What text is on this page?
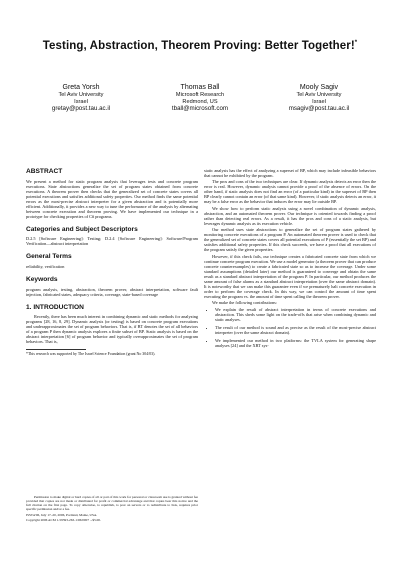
Testing, Abstraction, Theorem Proving: Better Together!*
Greta Yorsh
Tel Aviv University
Israel
gretay@post.tau.ac.il
Thomas Ball
Microsoft Research
Redmond, US
tball@microsoft.com
Mooly Sagiv
Tel Aviv University
Israel
msagiv@post.tau.ac.il
ABSTRACT

We present a method for static program analysis that leverages tests and concrete program executions. State abstractions generalize the set of program states obtained from concrete executions. A theorem prover then checks that the generalized set of concrete states covers all potential executions and satisfies additional safety properties. Our method finds the same potential errors as the most-precise abstract interpreter for a given abstraction and is potentially more efficient. Additionally, it provides a new way to tune the performance of the analysis by alternating between concrete execution and theorem proving. We have implemented our technique in a prototype for checking properties of C# programs.

Categories and Subject Descriptors

D.2.5 [Software Engineering]: Testing; D.2.4 [Software Engineering]: Software/Program Verification—abstract interpretation

General Terms

reliability, verification

Keywords

program analysis, testing, abstraction, theorem prover, abstract interpretation, software fault injection, fabricated states, adequacy criteria, coverage, state-based coverage

1. INTRODUCTION

Recently, there has been much interest in combining dynamic and static methods for analyzing programs [28, 16, 8, 29]. Dynamic analysis (or testing) is based on concrete program executions and underapproximates the set of program behaviors. That is, if BT denotes the set of all behaviors of a program P then dynamic analysis explores a finite subset of BP. Static analysis is based on the abstract interpretation [6] of program behavior and typically overapproximates the set of program behaviors. That is,

*This research was supported by The Israel Science Foundation (grant No 304/03).

Permission to make digital or hard copies of all or part of this work for personal or classroom use is granted without fee provided that copies are not made or distributed for profit or commercial advantage and that copies bear this notice and the full citation on the first page. To copy otherwise, to republish, to post on servers or to redistribute to lists, requires prior specific permission and/or a fee.

ISSTA'06, July 17–20, 2006, Portland, Maine, USA.

Copyright 2006 ACM 1-59593-263-1/06/0007 ...$5.00.

static analysis has the effect of analyzing a superset of BP, which may include infeasible behaviors that cannot be exhibited by the program.

The pros and cons of the two techniques are clear. If dynamic analysis detects an error then the error is real. However, dynamic analysis cannot provide a proof of the absence of errors. On the other hand, if static analysis does not find an error (of a particular kind) in the superset of BP then BP clearly cannot contain an error (of that same kind). However, if static analysis detects an error, it may be a false error as the behavior that induces the error may lie outside BP.

We show how to perform static analysis using a novel combination of dynamic analysis, abstraction, and an automated theorem prover. Our technique is oriented towards finding a proof rather than detecting real errors. As a result, it has the pros and cons of a static analysis, but leverages dynamic analysis as its execution vehicle.

Our method uses state abstractions to generalize the set of program states gathered by monitoring concrete executions of a program P. An automated theorem prover is used to check that the generalized set of concrete states covers all potential executions of P (essentially the set BP) and satisfies additional safety properties. If this check succeeds, we have a proof that all executions of the program satisfy the given properties.

However, if this check fails, our technique creates a fabricated concrete state from which we continue concrete program execution. We use a model generator (a theorem prover that can produce concrete counterexamples) to create a fabricated state so as to increase the coverage. Under some standard assumptions (detailed later) our method is guaranteed to converge and obtain the same result as a standard abstract interpretation of the program P. In particular, our method produces the same amount of false alarms as a standard abstract interpretation (over the same abstract domain). It is noteworthy that we can make this guarantee even if we prematurely halt concrete execution in order to perform the coverage check. In this way, we can control the amount of time spent executing the program vs. the amount of time spent calling the theorem prover.

We make the following contributions:

• We explain the result of abstract interpretation in terms of concrete executions and abstraction. This sheds some light on the trade-offs that arise when combining dynamic and static analyses.
• The result of our method is sound and as precise as the result of the most-precise abstract interpreter (over the same abstract domain).
• We implemented our method in two platforms: the TVLA system for generating shape analyses [24] and the XRT sys-
